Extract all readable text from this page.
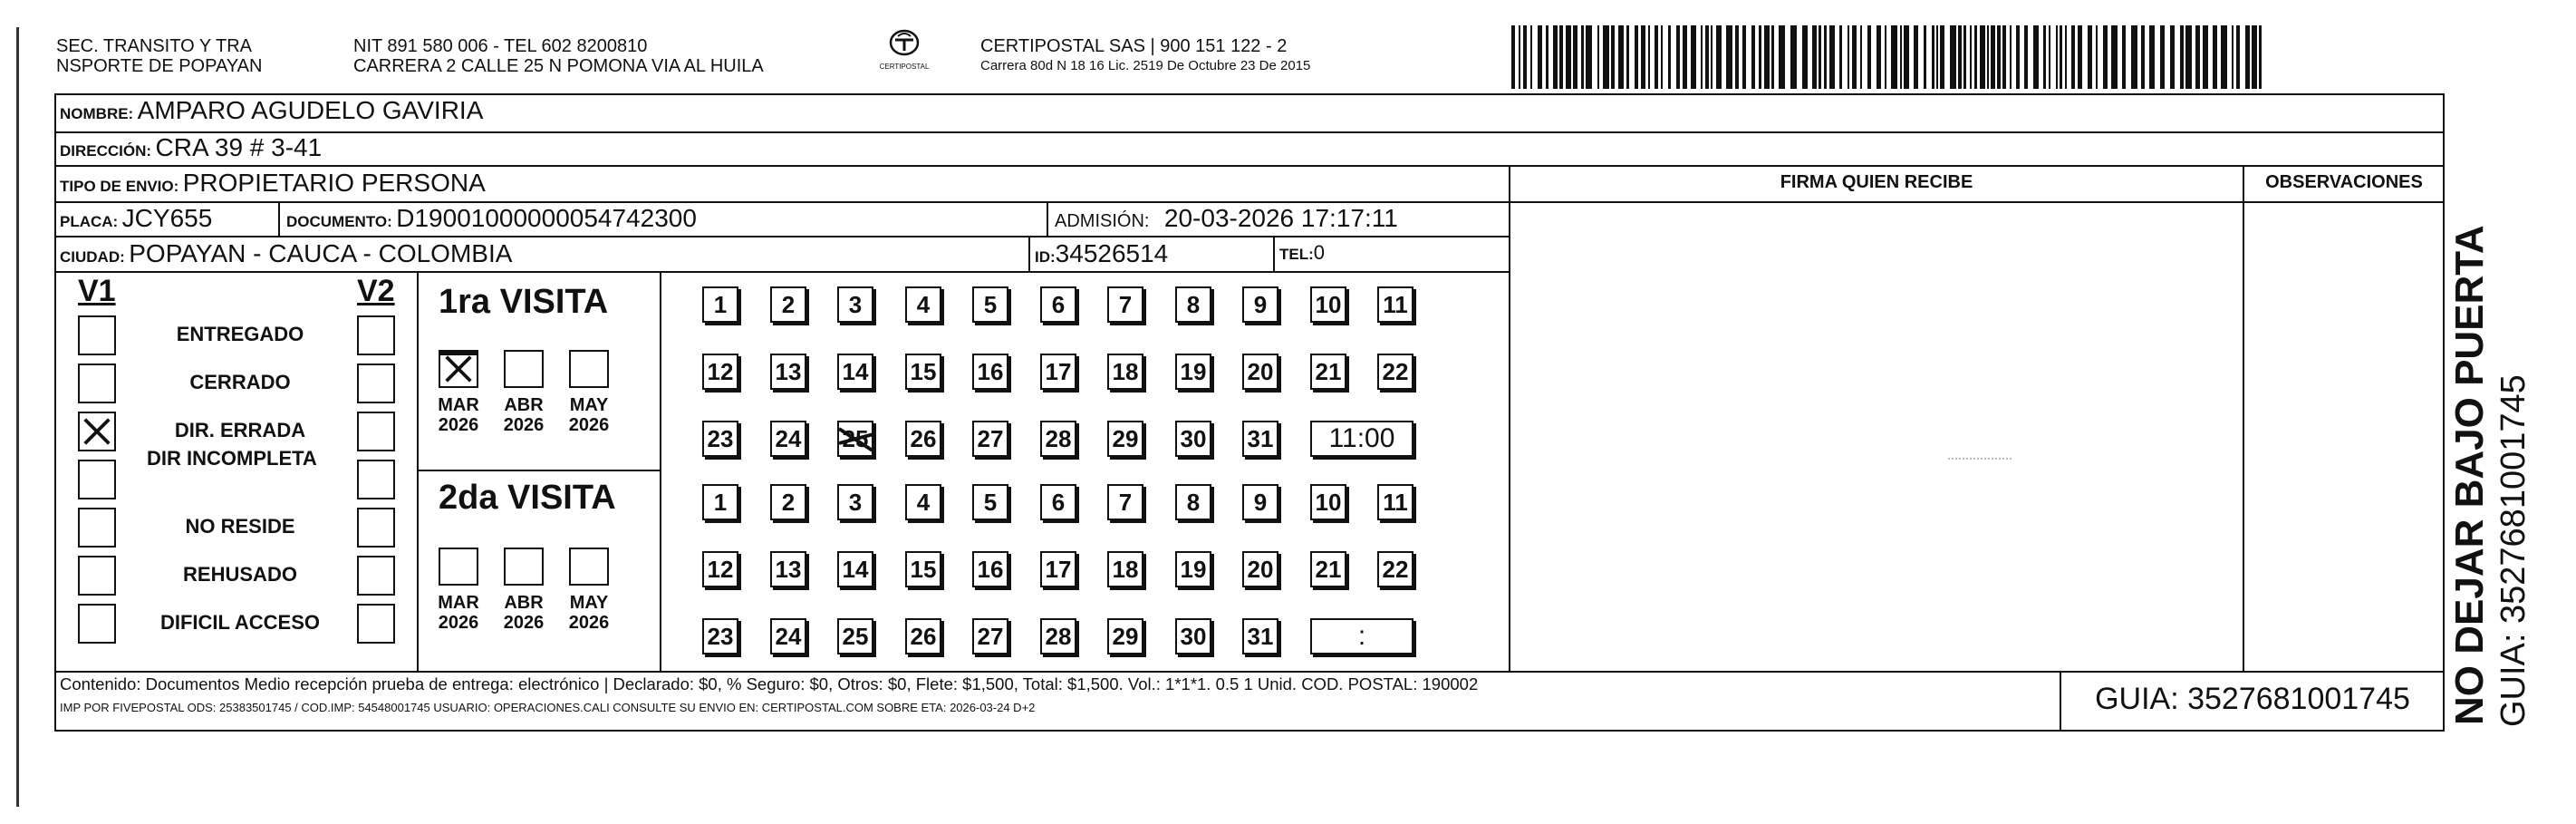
SEC. TRANSITO Y TRA
NSPORTE DE POPAYAN
NIT 891 580 006 - TEL 602 8200810
CARRERA 2 CALLE 25 N POMONA VIA AL HUILA	CERTIPOSTAL
CERTIPOSTAL SAS | 900 151 122 - 2
Carrera 80d N 18 16 Lic. 2519 De Octubre 23 De 2015
NOMBRE: AMPARO AGUDELO GAVIRIA
DIRECCIÓN: CRA 39 # 3-41
TIPO DE ENVIO: PROPIETARIO PERSONA	FIRMA QUIEN RECIBE	OBSERVACIONES
PLACA: JCY655	DOCUMENTO: D19001000000054742300	ADMISIÓN: 20-03-2026 17:17:11
CIUDAD: POPAYAN - CAUCA - COLOMBIA	ID:34526514	TEL:0
V1	V2 1ra VISITA
2da VISITA
Contenido: Documentos Medio recepción prueba de entrega: electrónico | Declarado: $0, % Seguro: $0, Otros: $0, Flete: $1,500, Total: $1,500. Vol.: 1*1*1. 0.5 1 Unid. COD. POSTAL: 190002
IMP POR FIVEPOSTAL ODS: 25383501745 / COD.IMP: 54548001745 USUARIO: OPERACIONES.CALI CONSULTE SU ENVIO EN: CERTIPOSTAL.COM SOBRE ETA: 2026-03-24 D+2	GUIA: 3527681001745 NO DEJAR BAJO PUERTA GUIA: 3527681001745
ENTREGADO
CERRADO
DIR. ERRADA
DIR INCOMPLETA
NO RESIDE
REHUSADO
DIFICIL ACCESO
MAR
2026
ABR
2026
MAY
2026
MAR
2026
ABR
2026
MAY
2026
1	2	3	4	5	6	7	8	9	10 11
12 13 14 15 16 17 18 19 20 21 22
23 24 25 26 27 28 29 30 31	11:00
1	2	3	4	5	6	7	8	9	10 11
12 13 14 15 16 17 18 19 20 21 22
23 24 25 26 27 28 29 30 31	:
